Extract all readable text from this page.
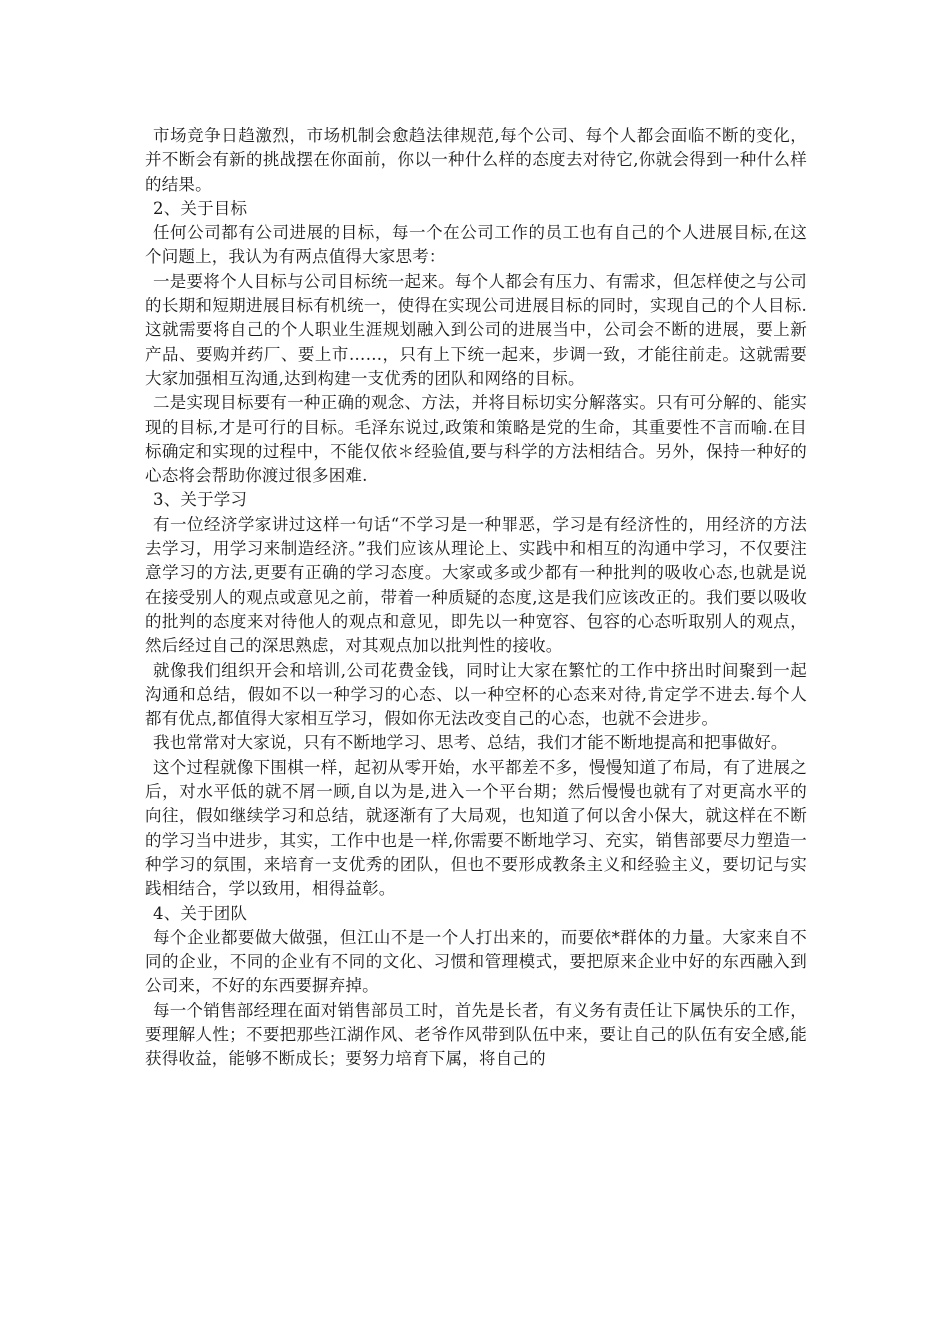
市场竞争日趋激烈，市场机制会愈趋法律规范,每个公司、每个人都会面临不断的变化，并不断会有新的挑战摆在你面前，你以一种什么样的态度去对待它,你就会得到一种什么样的结果。

2、关于目标

任何公司都有公司进展的目标，每一个在公司工作的员工也有自己的个人进展目标,在这个问题上，我认为有两点值得大家思考：

一是要将个人目标与公司目标统一起来。每个人都会有压力、有需求，但怎样使之与公司的长期和短期进展目标有机统一，使得在实现公司进展目标的同时，实现自己的个人目标.这就需要将自己的个人职业生涯规划融入到公司的进展当中，公司会不断的进展，要上新产品、要购并药厂、要上市……，只有上下统一起来，步调一致，才能往前走。这就需要大家加强相互沟通,达到构建一支优秀的团队和网络的目标。

二是实现目标要有一种正确的观念、方法，并将目标切实分解落实。只有可分解的、能实现的目标,才是可行的目标。毛泽东说过,政策和策略是党的生命，其重要性不言而喻.在目标确定和实现的过程中，不能仅依＊经验值,要与科学的方法相结合。另外，保持一种好的心态将会帮助你渡过很多困难.

3、关于学习

有一位经济学家讲过这样一句话“不学习是一种罪恶，学习是有经济性的，用经济的方法去学习，用学习来制造经济。”我们应该从理论上、实践中和相互的沟通中学习，不仅要注意学习的方法,更要有正确的学习态度。大家或多或少都有一种批判的吸收心态,也就是说在接受别人的观点或意见之前，带着一种质疑的态度,这是我们应该改正的。我们要以吸收的批判的态度来对待他人的观点和意见，即先以一种宽容、包容的心态听取别人的观点，然后经过自己的深思熟虑，对其观点加以批判性的接收。

就像我们组织开会和培训,公司花费金钱，同时让大家在繁忙的工作中挤出时间聚到一起沟通和总结，假如不以一种学习的心态、以一种空杯的心态来对待,肯定学不进去.每个人都有优点,都值得大家相互学习，假如你无法改变自己的心态，也就不会进步。

我也常常对大家说，只有不断地学习、思考、总结，我们才能不断地提高和把事做好。

这个过程就像下围棋一样，起初从零开始，水平都差不多，慢慢知道了布局，有了进展之后，对水平低的就不屑一顾,自以为是,进入一个平台期；然后慢慢也就有了对更高水平的向往，假如继续学习和总结，就逐渐有了大局观，也知道了何以舍小保大，就这样在不断的学习当中进步，其实，工作中也是一样,你需要不断地学习、充实，销售部要尽力塑造一种学习的氛围，来培育一支优秀的团队，但也不要形成教条主义和经验主义，要切记与实践相结合，学以致用，相得益彰。

4、关于团队

每个企业都要做大做强，但江山不是一个人打出来的，而要依*群体的力量。大家来自不同的企业，不同的企业有不同的文化、习惯和管理模式，要把原来企业中好的东西融入到公司来，不好的东西要摒弃掉。

每一个销售部经理在面对销售部员工时，首先是长者，有义务有责任让下属快乐的工作，要理解人性；不要把那些江湖作风、老爷作风带到队伍中来，要让自己的队伍有安全感,能获得收益，能够不断成长；要努力培育下属，将自己的
